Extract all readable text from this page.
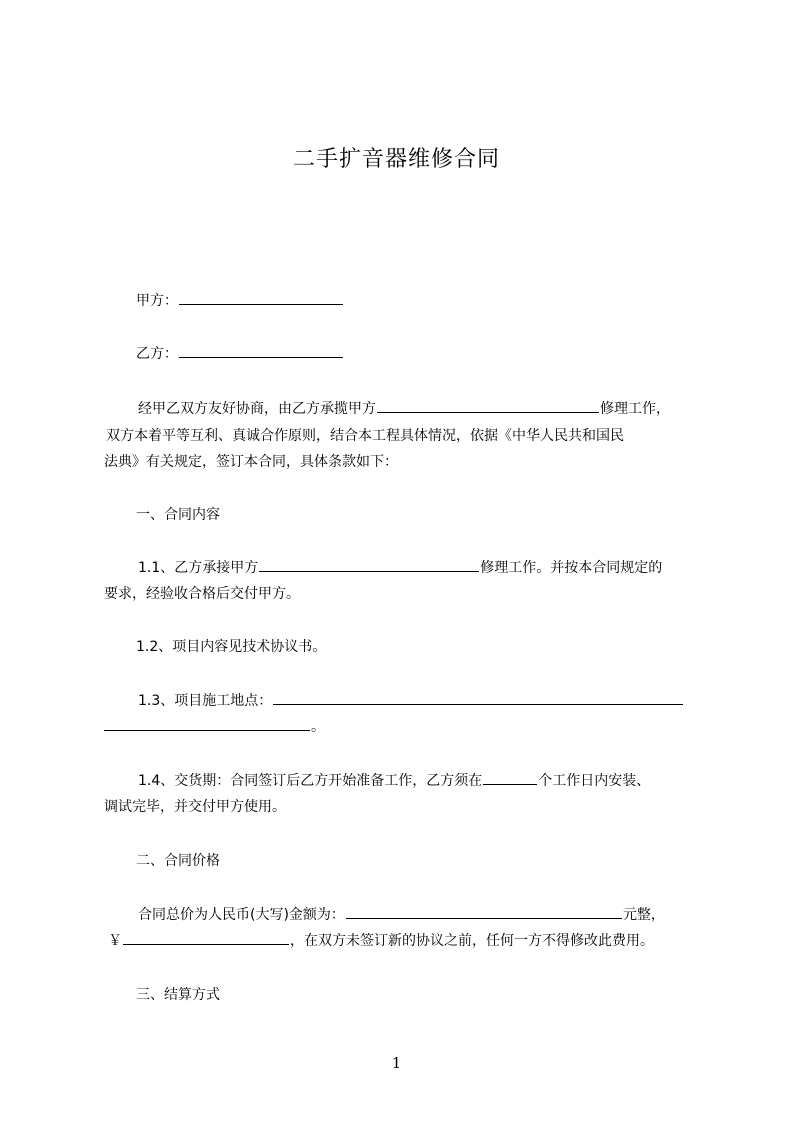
二手扩音器维修合同
甲方：
乙方：
经甲乙双方友好协商，由乙方承揽甲方	修理工作，
双方本着平等互利、真诚合作原则，结合本工程具体情况，依据《中华人民共和国民
法典》有关规定，签订本合同，具体条款如下：
一、合同内容
1.1、乙方承接甲方	修理工作。并按本合同规定的
要求，经验收合格后交付甲方。
1.2、项目内容见技术协议书。
1.3、项目施工地点：
。
1.4、交货期：合同签订后乙方开始准备工作，乙方须在	个工作日内安装、
调试完毕，并交付甲方使用。
二、合同价格
合同总价为人民币(大写)金额为：	元整，
￥	，在双方未签订新的协议之前，任何一方不得修改此费用。
三、结算方式
1
